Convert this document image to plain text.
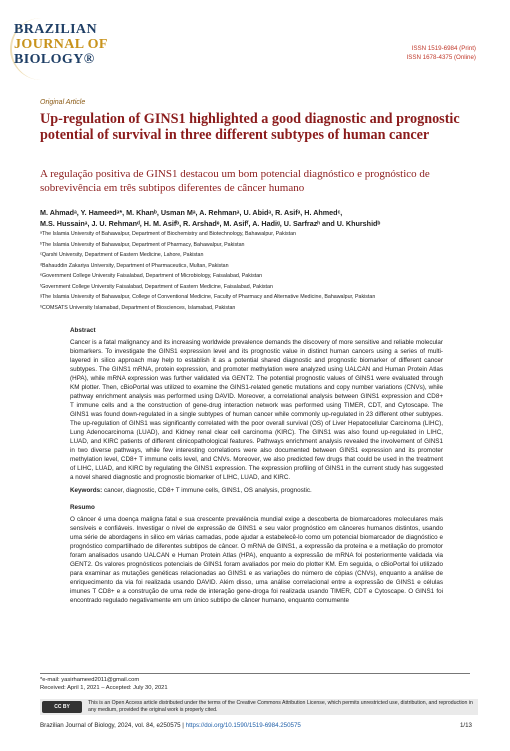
BRAZILIAN
JOURNAL OF
BIOLOGY®
ISSN 1519-6984 (Print)
ISSN 1678-4375 (Online)
Original Article
Up-regulation of GINS1 highlighted a good diagnostic and prognostic potential of survival in three different subtypes of human cancer
A regulação positiva de GINS1 destacou um bom potencial diagnóstico e prognóstico de sobrevivência em três subtipos diferentes de câncer humano
M. Ahmadᵃ, Y. Hameedᵃ*, M. Khanᵇ, Usman Mᵃ, A. Rehmanᵃ, U. Abidᵃ, R. Asifᵃ, H. Ahmedᶜ,
M.S. Hussainᵃ, J. U. Rehmanᵈ, H. M. Asifᵇ, R. Arshadᵉ, M. Asifᶠ, A. Hadiᵍ, U. Sarfrazʰ and U. Khurshidᵇ
ᵃThe Islamia University of Bahawalpur, Department of Biochemistry and Biotechnology, Bahawalpur, Pakistan
ᵇThe Islamia University of Bahawalpur, Department of Pharmacy, Bahawalpur, Pakistan
ᶜQarshi University, Department of Eastern Medicine, Lahore, Pakistan
ᵈBahauddin Zakariya University, Department of Pharmaceutics, Multan, Pakistan
ᵉGovernment College University Faisalabad, Department of Microbiology, Faisalabad, Pakistan
ᶠGovernment College University Faisalabad, Department of Eastern Medicine, Faisalabad, Pakistan
ᵍThe Islamia University of Bahawalpur, College of Conventional Medicine, Faculty of Pharmacy and Alternative Medicine, Bahawalpur, Pakistan
ʰCOMSATS University Islamabad, Department of Biosciences, Islamabad, Pakistan
Abstract
Cancer is a fatal malignancy and its increasing worldwide prevalence demands the discovery of more sensitive and reliable molecular biomarkers. To investigate the GINS1 expression level and its prognostic value in distinct human cancers using a series of multi-layered in silico approach may help to establish it as a potential shared diagnostic and prognostic biomarker of different cancer subtypes. The GINS1 mRNA, protein expression, and promoter methylation were analyzed using UALCAN and Human Protein Atlas (HPA), while mRNA expression was further validated via GENT2. The potential prognostic values of GINS1 were evaluated through KM plotter. Then, cBioPortal was utilized to examine the GINS1-related genetic mutations and copy number variations (CNVs), while pathway enrichment analysis was performed using DAVID. Moreover, a correlational analysis between GINS1 expression and CD8+ T immune cells and a the construction of gene-drug interaction network was performed using TIMER, CDT, and Cytoscape. The GINS1 was found down-regulated in a single subtypes of human cancer while commonly up-regulated in 23 different other subtypes. The up-regulation of GINS1 was significantly correlated with the poor overall survival (OS) of Liver Hepatocellular Carcinoma (LIHC), Lung Adenocarcinoma (LUAD), and Kidney renal clear cell carcinoma (KIRC). The GINS1 was also found up-regulated in LIHC, LUAD, and KIRC patients of different clinicopathological features. Pathways enrichment analysis revealed the involvement of GINS1 in two diverse pathways, while few interesting correlations were also documented between GINS1 expression and its promoter methylation level, CD8+ T immune cells level, and CNVs. Moreover, we also predicted few drugs that could be used in the treatment of LIHC, LUAD, and KIRC by regulating the GINS1 expression. The expression profiling of GINS1 in the current study has suggested a novel shared diagnostic and prognostic biomarker of LIHC, LUAD, and KIRC.
Keywords: cancer, diagnostic, CD8+ T immune cells, GINS1, OS analysis, prognostic.
Resumo
O câncer é uma doença maligna fatal e sua crescente prevalência mundial exige a descoberta de biomarcadores moleculares mais sensíveis e confiáveis. Investigar o nível de expressão de GINS1 e seu valor prognóstico em cânceres humanos distintos, usando uma série de abordagens in silico em várias camadas, pode ajudar a estabelecê-lo como um potencial biomarcador de diagnóstico e prognóstico compartilhado de diferentes subtipos de câncer. O mRNA de GINS1, a expressão da proteína e a metilação do promotor foram analisados usando UALCAN e Human Protein Atlas (HPA), enquanto a expressão de mRNA foi posteriormente validada via GENT2. Os valores prognósticos potenciais de GINS1 foram avaliados por meio do plotter KM. Em seguida, o cBioPortal foi utilizado para examinar as mutações genéticas relacionadas ao GINS1 e as variações do número de cópias (CNVs), enquanto a análise de enriquecimento da via foi realizada usando DAVID. Além disso, uma análise correlacional entre a expressão de GINS1 e células imunes T CD8+ e a construção de uma rede de interação gene-droga foi realizada usando TIMER, CDT e Cytoscape. O GINS1 foi encontrado regulado negativamente em um único subtipo de câncer humano, enquanto comumente
*e-mail: yasirhameed2011@gmail.com
Received: April 1, 2021 – Accepted: July 30, 2021
CC BY
This is an Open Access article distributed under the terms of the Creative Commons Attribution License, which permits unrestricted use, distribution, and reproduction in any medium, provided the original work is properly cited.
Brazilian Journal of Biology, 2024, vol. 84, e250575 | https://doi.org/10.1590/1519-6984.250575	1/13
